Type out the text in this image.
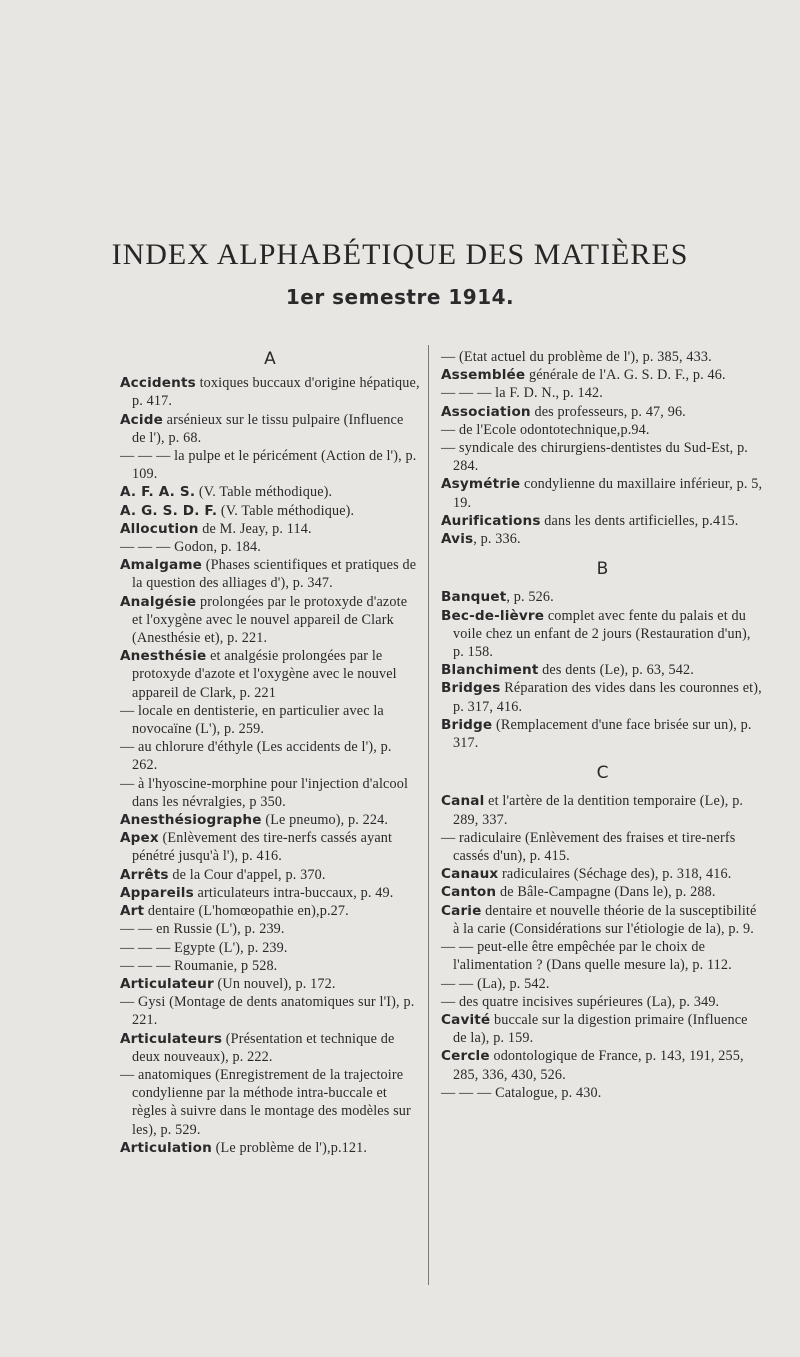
INDEX ALPHABÉTIQUE DES MATIÈRES
1er semestre 1914.
A

Accidents toxiques buccaux d'origine hépatique, p. 417.

Acide arsénieux sur le tissu pulpaire (Influence de l'), p. 68.

— — — la pulpe et le péricément (Action de l'), p. 109.

A. F. A. S. (V. Table méthodique).

A. G. S. D. F. (V. Table méthodique).

Allocution de M. Jeay, p. 114.

— — — Godon, p. 184.

Amalgame (Phases scientifiques et pratiques de la question des alliages d'), p. 347.

Analgésie prolongées par le protoxyde d'azote et l'oxygène avec le nouvel appareil de Clark (Anesthésie et), p. 221.

Anesthésie et analgésie prolongées par le protoxyde d'azote et l'oxygène avec le nouvel appareil de Clark, p. 221

— locale en dentisterie, en particulier avec la novocaïne (L'), p. 259.

— au chlorure d'éthyle (Les accidents de l'), p. 262.

— à l'hyoscine-morphine pour l'injection d'alcool dans les névralgies, p 350.

Anesthésiographe (Le pneumo), p. 224.

Apex (Enlèvement des tire-nerfs cassés ayant pénétré jusqu'à l'), p. 416.

Arrêts de la Cour d'appel, p. 370.

Appareils articulateurs intra-buccaux, p. 49.

Art dentaire (L'homœopathie en),p.27.

— — en Russie (L'), p. 239.

— — — Egypte (L'), p. 239.

— — — Roumanie, p 528.

Articulateur (Un nouvel), p. 172.

— Gysi (Montage de dents anatomiques sur l'I), p. 221.

Articulateurs (Présentation et technique de deux nouveaux), p. 222.

— anatomiques (Enregistrement de la trajectoire condylienne par la méthode intra-buccale et règles à suivre dans le montage des modèles sur les), p. 529.

Articulation (Le problème de l'),p.121.

— (Etat actuel du problème de l'), p. 385, 433.

Assemblée générale de l'A. G. S. D. F., p. 46.

— — — la F. D. N., p. 142.

Association des professeurs, p. 47, 96.

— de l'Ecole odontotechnique,p.94.

— syndicale des chirurgiens-dentistes du Sud-Est, p. 284.

Asymétrie condylienne du maxillaire inférieur, p. 5, 19.

Aurifications dans les dents artificielles, p.415.

Avis, p. 336.

B

Banquet, p. 526.

Bec-de-lièvre complet avec fente du palais et du voile chez un enfant de 2 jours (Restauration d'un), p. 158.

Blanchiment des dents (Le), p. 63, 542.

Bridges Réparation des vides dans les couronnes et), p. 317, 416.

Bridge (Remplacement d'une face brisée sur un), p. 317.

C

Canal et l'artère de la dentition temporaire (Le), p. 289, 337.

— radiculaire (Enlèvement des fraises et tire-nerfs cassés d'un), p. 415.

Canaux radiculaires (Séchage des), p. 318, 416.

Canton de Bâle-Campagne (Dans le), p. 288.

Carie dentaire et nouvelle théorie de la susceptibilité à la carie (Considérations sur l'étiologie de la), p. 9.

— — peut-elle être empêchée par le choix de l'alimentation ? (Dans quelle mesure la), p. 112.

— — (La), p. 542.

— des quatre incisives supérieures (La), p. 349.

Cavité buccale sur la digestion primaire (Influence de la), p. 159.

Cercle odontologique de France, p. 143, 191, 255, 285, 336, 430, 526.

— — — Catalogue, p. 430.
